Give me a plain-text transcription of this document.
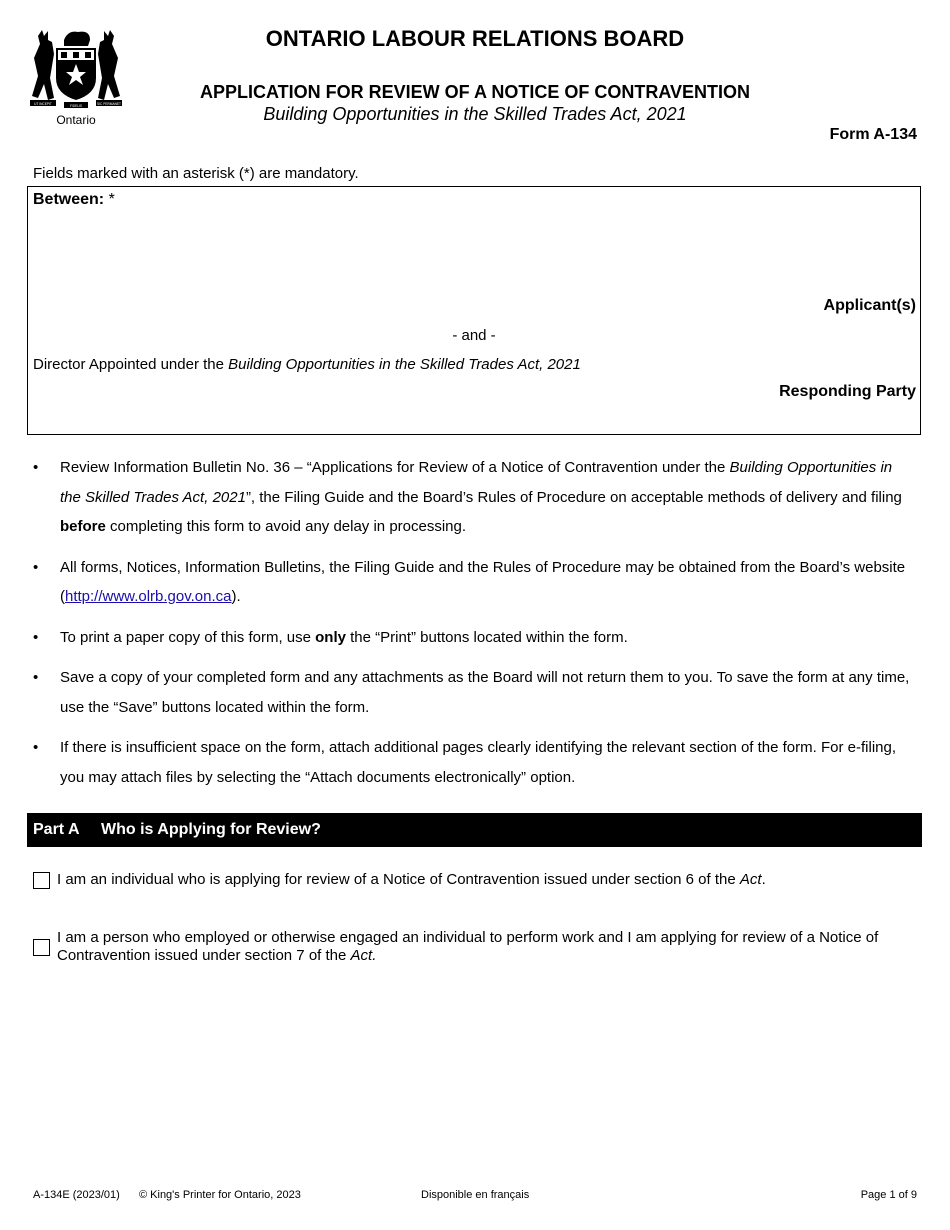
UT INCEPIT	FIDELIS	SIC PERMANET
Ontario
ONTARIO LABOUR RELATIONS BOARD
APPLICATION FOR REVIEW OF A NOTICE OF CONTRAVENTION
Building Opportunities in the Skilled Trades Act, 2021
Form A-134
Fields marked with an asterisk (*) are mandatory.
Between: *
Applicant(s)
- and -
Director Appointed under the Building Opportunities in the Skilled Trades Act, 2021
Responding Party
•	Review Information Bulletin No. 36 – “Applications for Review of a Notice of Contravention under the Building Opportunities in the Skilled Trades Act, 2021”, the Filing Guide and the Board’s Rules of Procedure on acceptable methods of delivery and filing before completing this form to avoid any delay in processing.
•	All forms, Notices, Information Bulletins, the Filing Guide and the Rules of Procedure may be obtained from the Board’s website (http://www.olrb.gov.on.ca).
•	To print a paper copy of this form, use only the “Print” buttons located within the form.
•	Save a copy of your completed form and any attachments as the Board will not return them to you. To save the form at any time, use the “Save” buttons located within the form.
•	If there is insufficient space on the form, attach additional pages clearly identifying the relevant section of the form. For e-filing, you may attach files by selecting the “Attach documents electronically” option.
Part A Who is Applying for Review?
I am an individual who is applying for review of a Notice of Contravention issued under section 6 of the Act.
I am a person who employed or otherwise engaged an individual to perform work and I am applying for review of a Notice of Contravention issued under section 7 of the Act.
A-134E (2023/01) © King's Printer for Ontario, 2023	Disponible en français	Page 1 of 9
